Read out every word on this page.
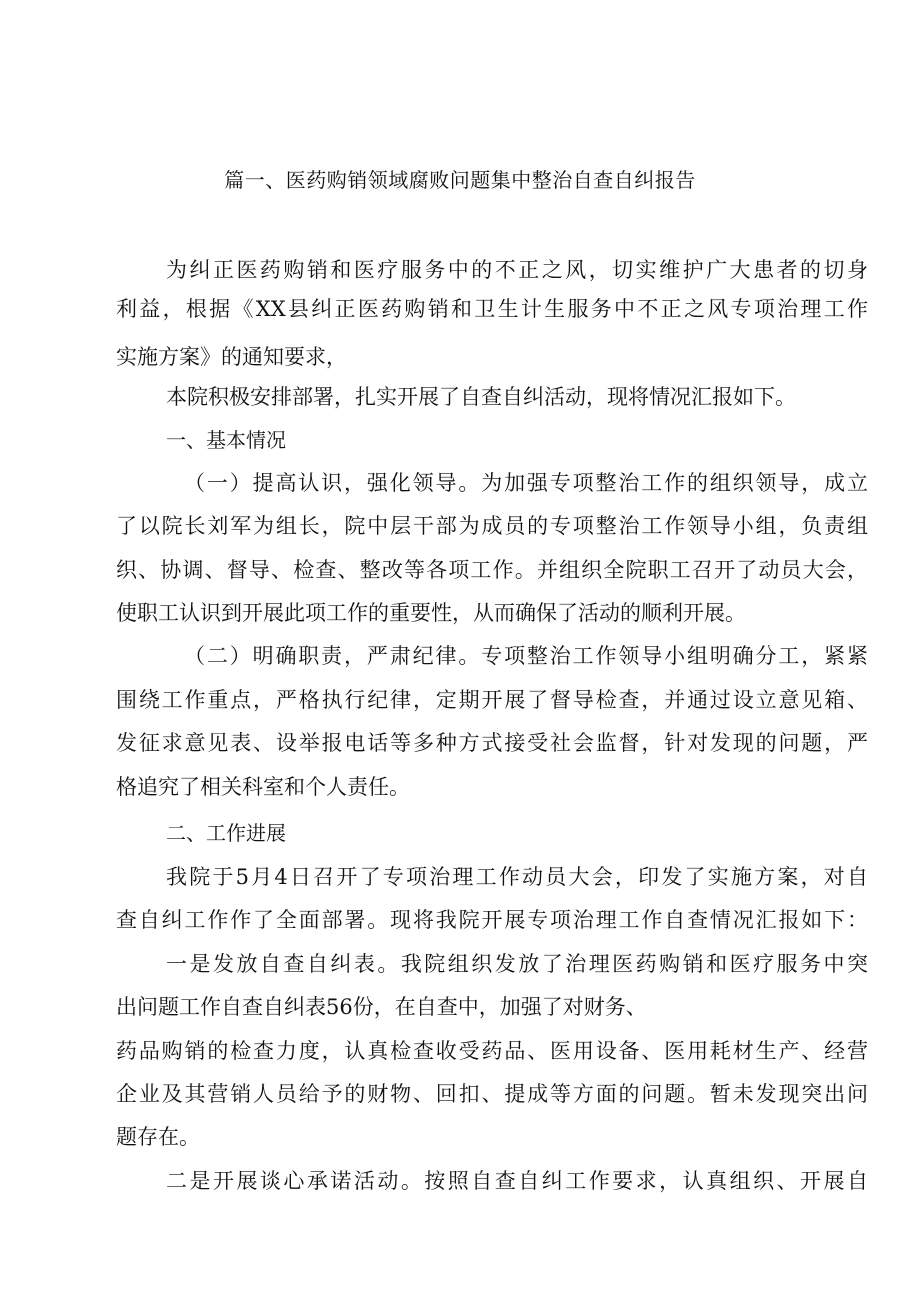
篇一、医药购销领域腐败问题集中整治自查自纠报告
为纠正医药购销和医疗服务中的不正之风，切实维护广大患者的切身
利益，根据《XX县纠正医药购销和卫生计生服务中不正之风专项治理工作
实施方案》的通知要求，
本院积极安排部署，扎实开展了自查自纠活动，现将情况汇报如下。
一、基本情况
（一）提高认识，强化领导。为加强专项整治工作的组织领导，成立
了以院长刘军为组长，院中层干部为成员的专项整治工作领导小组，负责组
织、协调、督导、检查、整改等各项工作。并组织全院职工召开了动员大会，
使职工认识到开展此项工作的重要性，从而确保了活动的顺利开展。
（二）明确职责，严肃纪律。专项整治工作领导小组明确分工，紧紧
围绕工作重点，严格执行纪律，定期开展了督导检查，并通过设立意见箱、
发征求意见表、设举报电话等多种方式接受社会监督，针对发现的问题，严
格追究了相关科室和个人责任。
二、工作进展
我院于5月4日召开了专项治理工作动员大会，印发了实施方案，对自
查自纠工作作了全面部署。现将我院开展专项治理工作自查情况汇报如下：
一是发放自查自纠表。我院组织发放了治理医药购销和医疗服务中突
出问题工作自查自纠表56份，在自查中，加强了对财务、
药品购销的检查力度，认真检查收受药品、医用设备、医用耗材生产、经营
企业及其营销人员给予的财物、回扣、提成等方面的问题。暂未发现突出问
题存在。
二是开展谈心承诺活动。按照自查自纠工作要求，认真组织、开展自
